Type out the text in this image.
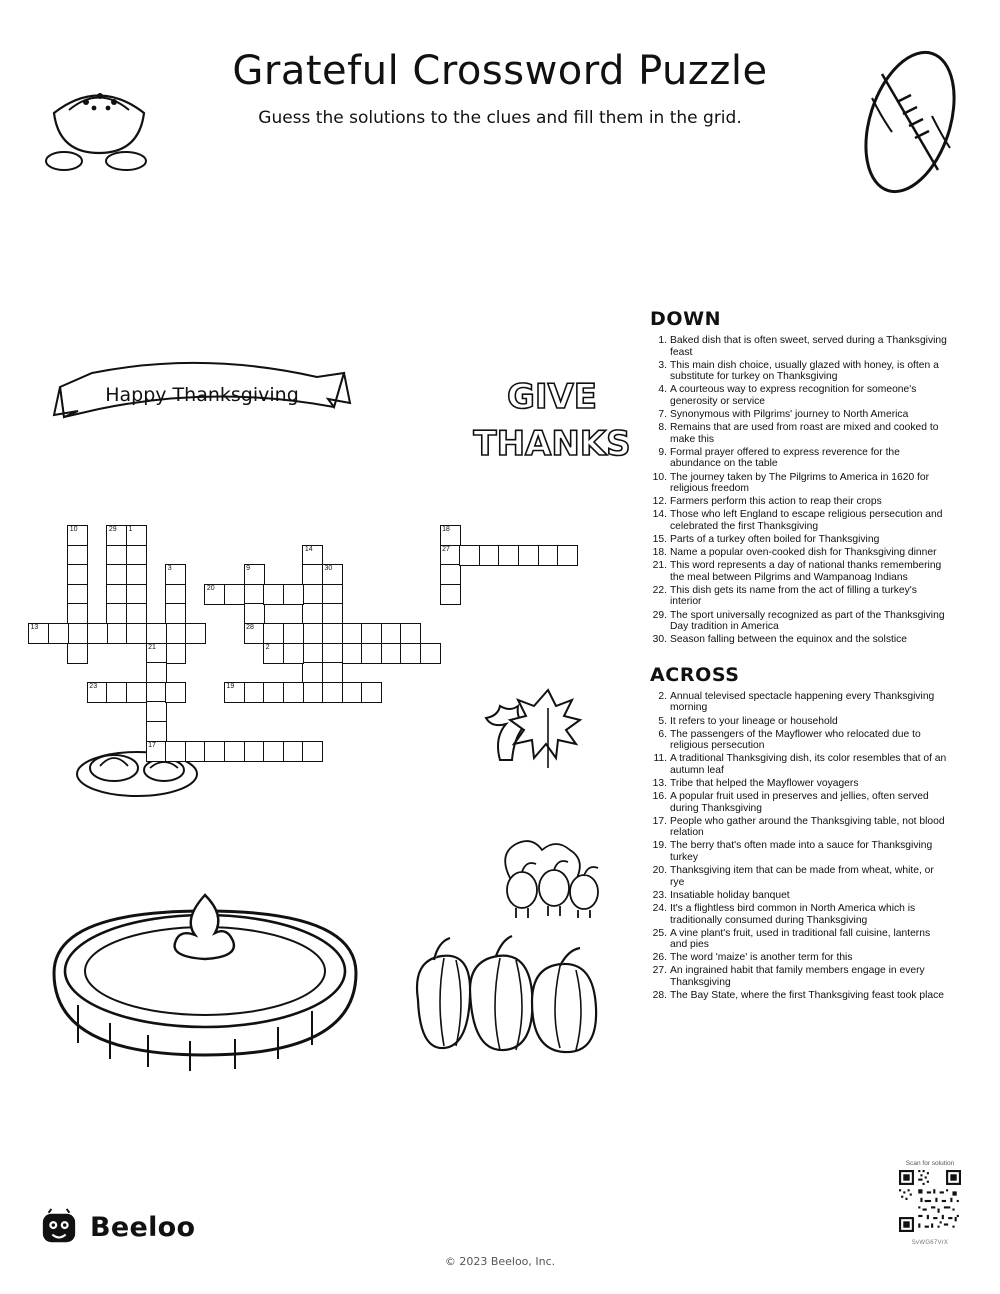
Grateful Crossword Puzzle
Guess the solutions to the clues and fill them in the grid.
Happy Thanksgiving	GIVE
THANKS
10	29 1
14
18
27
3	9
28
30
20
13
21
17
2
23	19
DOWN
1. Baked dish that is often sweet, served during a Thanksgiving feast
3. This main dish choice, usually glazed with honey, is often a substitute for turkey on Thanksgiving
4. A courteous way to express recognition for someone's generosity or service
7. Synonymous with Pilgrims' journey to North America
8. Remains that are used from roast are mixed and cooked to make this
9. Formal prayer offered to express reverence for the abundance on the table
10. The journey taken by The Pilgrims to America in 1620 for religious freedom
12. Farmers perform this action to reap their crops
14. Those who left England to escape religious persecution and celebrated the first Thanksgiving
15. Parts of a turkey often boiled for Thanksgiving
18. Name a popular oven-cooked dish for Thanksgiving dinner
21. This word represents a day of national thanks remembering the meal between Pilgrims and Wampanoag Indians
22. This dish gets its name from the act of filling a turkey's interior
29. The sport universally recognized as part of the Thanksgiving Day tradition in America
30. Season falling between the equinox and the solstice
ACROSS
2. Annual televised spectacle happening every Thanksgiving morning
5. It refers to your lineage or household
6. The passengers of the Mayflower who relocated due to religious persecution
11. A traditional Thanksgiving dish, its color resembles that of an autumn leaf
13. Tribe that helped the Mayflower voyagers
16. A popular fruit used in preserves and jellies, often served during Thanksgiving
17. People who gather around the Thanksgiving table, not blood relation
19. The berry that's often made into a sauce for Thanksgiving turkey
20. Thanksgiving item that can be made from wheat, white, or rye
23. Insatiable holiday banquet
24. It's a flightless bird common in North America which is traditionally consumed during Thanksgiving
25. A vine plant's fruit, used in traditional fall cuisine, lanterns and pies
26. The word 'maize' is another term for this
27. An ingrained habit that family members engage in every Thanksgiving
28. The Bay State, where the first Thanksgiving feast took place
Beeloo
© 2023 Beeloo, Inc.
Scan for solution
SvWG67VrX
